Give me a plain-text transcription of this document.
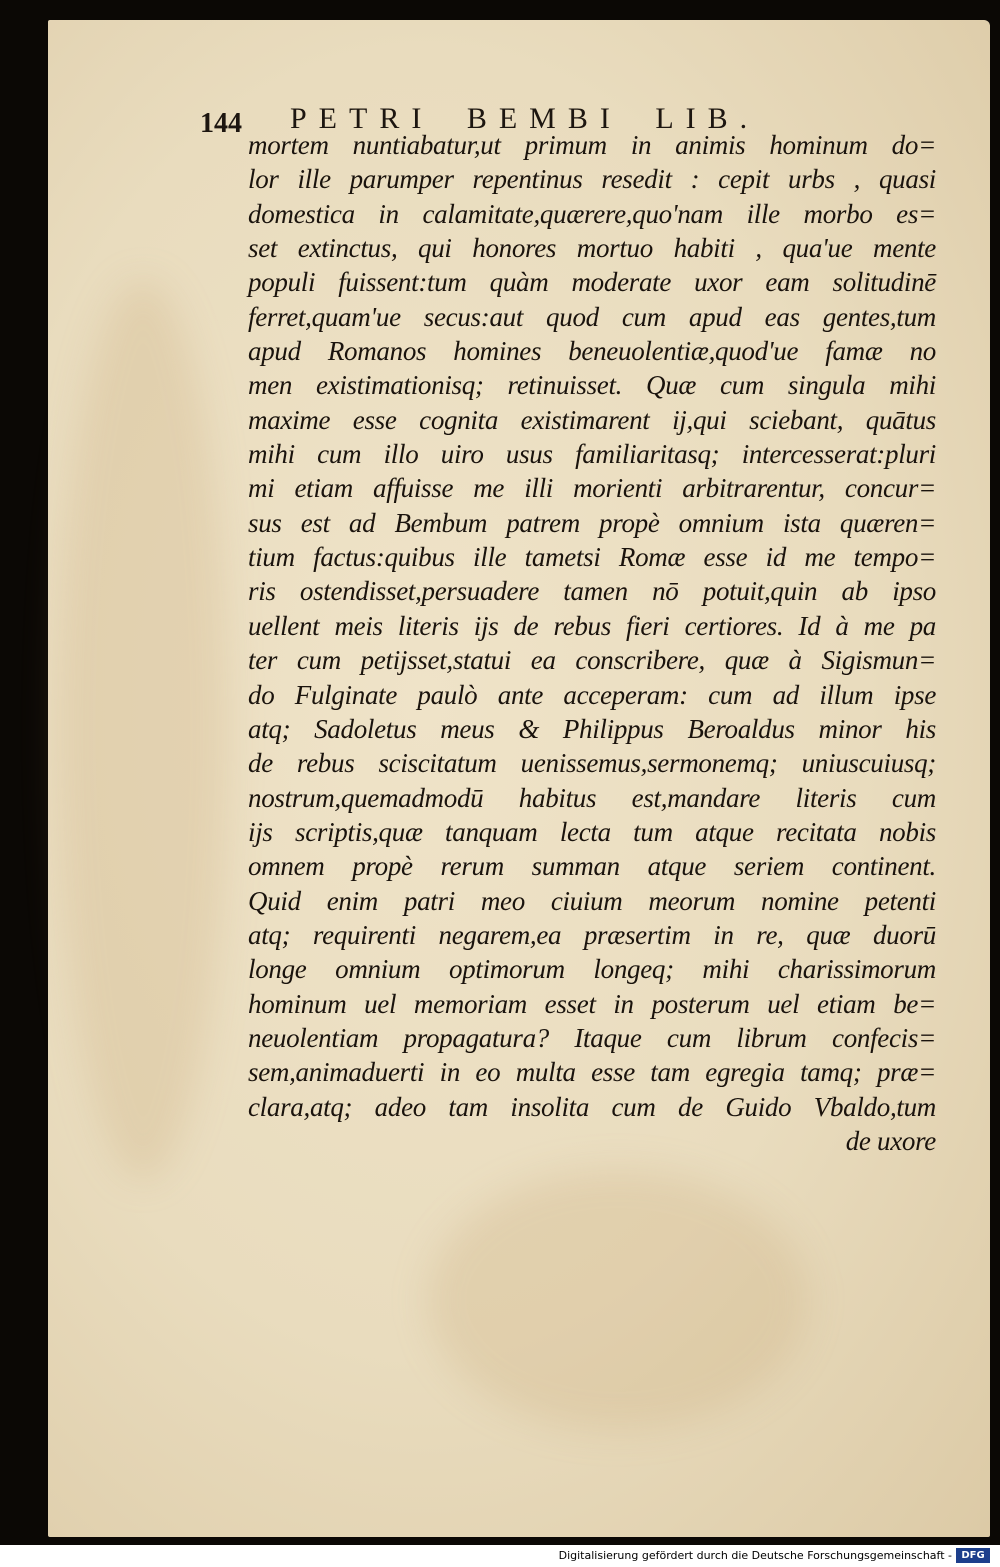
144 PETRI BEMBI LIB.
mortem nuntiabatur,ut primum in animis hominum do=
lor ille parumper repentinus resedit : cepit urbs , quasi
domestica in calamitate,quærere,quo'nam ille morbo es=
set extinctus, qui honores mortuo habiti , qua'ue mente
populi fuissent:tum quàm moderate uxor eam solitudinē
ferret,quam'ue secus:aut quod cum apud eas gentes,tum
apud Romanos homines beneuolentiæ,quod'ue famæ no
men existimationisq; retinuisset. Quæ cum singula mihi
maxime esse cognita existimarent ij,qui sciebant, quātus
mihi cum illo uiro usus familiaritasq; intercesserat:pluri
mi etiam affuisse me illi morienti arbitrarentur, concur=
sus est ad Bembum patrem propè omnium ista quæren=
tium factus:quibus ille tametsi Romæ esse id me tempo=
ris ostendisset,persuadere tamen nō potuit,quin ab ipso
uellent meis literis ijs de rebus fieri certiores. Id à me pa
ter cum petijsset,statui ea conscribere, quæ à Sigismun=
do Fulginate paulò ante acceperam: cum ad illum ipse
atq; Sadoletus meus & Philippus Beroaldus minor his
de rebus sciscitatum uenissemus,sermonemq; uniuscuiusq;
nostrum,quemadmodū habitus est,mandare literis cum
ijs scriptis,quæ tanquam lecta tum atque recitata nobis
omnem propè rerum summan atque seriem continent.
Quid enim patri meo ciuium meorum nomine petenti
atq; requirenti negarem,ea præsertim in re, quæ duorū
longe omnium optimorum longeq; mihi charissimorum
hominum uel memoriam esset in posterum uel etiam be=
neuolentiam propagatura? Itaque cum librum confecis=
sem,animaduerti in eo multa esse tam egregia tamq; præ=
clara,atq; adeo tam insolita cum de Guido Vbaldo,tum
de uxore
Digitalisierung gefördert durch die Deutsche Forschungsgemeinschaft - DFG
